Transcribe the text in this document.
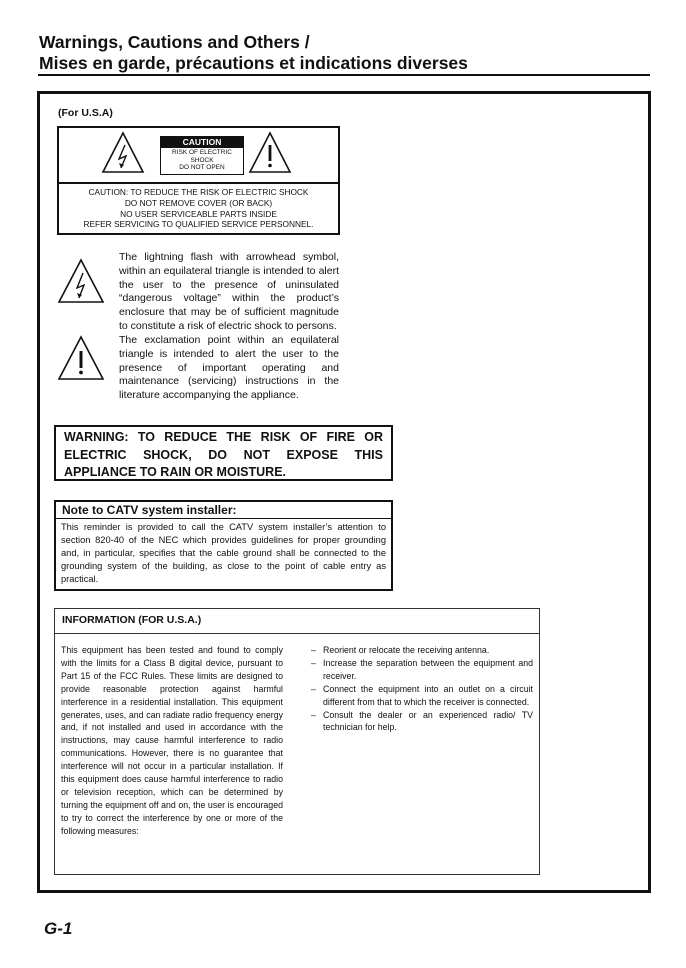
Warnings, Cautions and Others /
Mises en garde, précautions et indications diverses
(For U.S.A)
CAUTION
RISK OF ELECTRIC
SHOCK
DO NOT OPEN
CAUTION: TO REDUCE THE RISK OF ELECTRIC SHOCK
DO NOT REMOVE COVER (OR BACK)
NO USER SERVICEABLE PARTS INSIDE
REFER SERVICING TO QUALIFIED SERVICE PERSONNEL.
The lightning flash with arrowhead symbol, within an equilateral triangle is intended to alert the user to the presence of uninsulated “dangerous voltage” within the product’s enclosure that may be of sufficient magnitude to constitute a risk of electric shock to persons.
The exclamation point within an equilateral triangle is intended to alert the user to the presence of important operating and maintenance (servicing) instructions in the literature accompanying the appliance.
WARNING: TO REDUCE THE RISK OF FIRE OR ELECTRIC SHOCK, DO NOT EXPOSE THIS APPLIANCE TO RAIN OR MOISTURE.
Note to CATV system installer:
This reminder is provided to call the CATV system installer’s attention to section 820-40 of the NEC which provides guidelines for proper grounding and, in particular, specifies that the cable ground shall be connected to the grounding system of the building, as close to the point of cable entry as practical.
INFORMATION (FOR U.S.A.)
This equipment has been tested and found to comply with the limits for a Class B digital device, pursuant to Part 15 of the FCC Rules. These limits are designed to provide reasonable protection against harmful interference in a residential installation. This equipment generates, uses, and can radiate radio frequency energy and, if not installed and used in accordance with the instructions, may cause harmful interference to radio communications. However, there is no guarantee that interference will not occur in a particular installation. If this equipment does cause harmful interference to radio or television reception, which can be determined by turning the equipment off and on, the user is encouraged to try to correct the interference by one or more of the following measures:
– Reorient or relocate the receiving antenna.
– Increase the separation between the equipment and receiver.
– Connect the equipment into an outlet on a circuit different from that to which the receiver is connected.
– Consult the dealer or an experienced radio/ TV technician for help.
G-1
